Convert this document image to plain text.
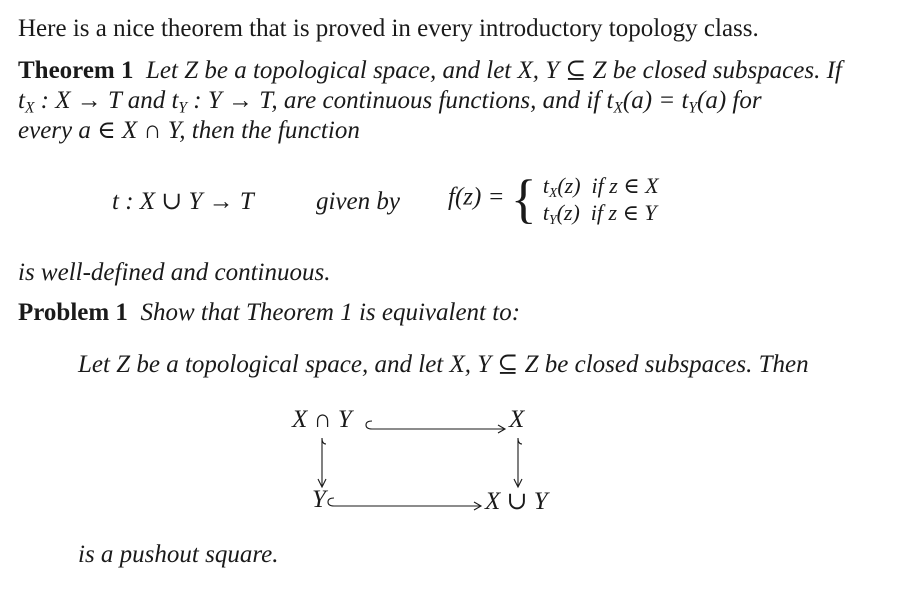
Here is a nice theorem that is proved in every introductory topology class.
Theorem 1 Let Z be a topological space, and let X, Y ⊆ Z be closed subspaces. If
$t_X$ : X → T and $t_Y$ : Y → T, are continuous functions, and if $t_X(a) = t_Y(a)$ for
every a ∈ X ∩ Y, then the function
t : X ∪ Y → T given by f(z) = { $t_X(z)$ if z ∈ X
$t_Y(z)$ if z ∈ Y
is well-defined and continuous.
Problem 1 Show that Theorem 1 is equivalent to:
Let Z be a topological space, and let X, Y ⊆ Z be closed subspaces. Then
X ∩ Y	X
Y	X ∪ Y
is a pushout square.
